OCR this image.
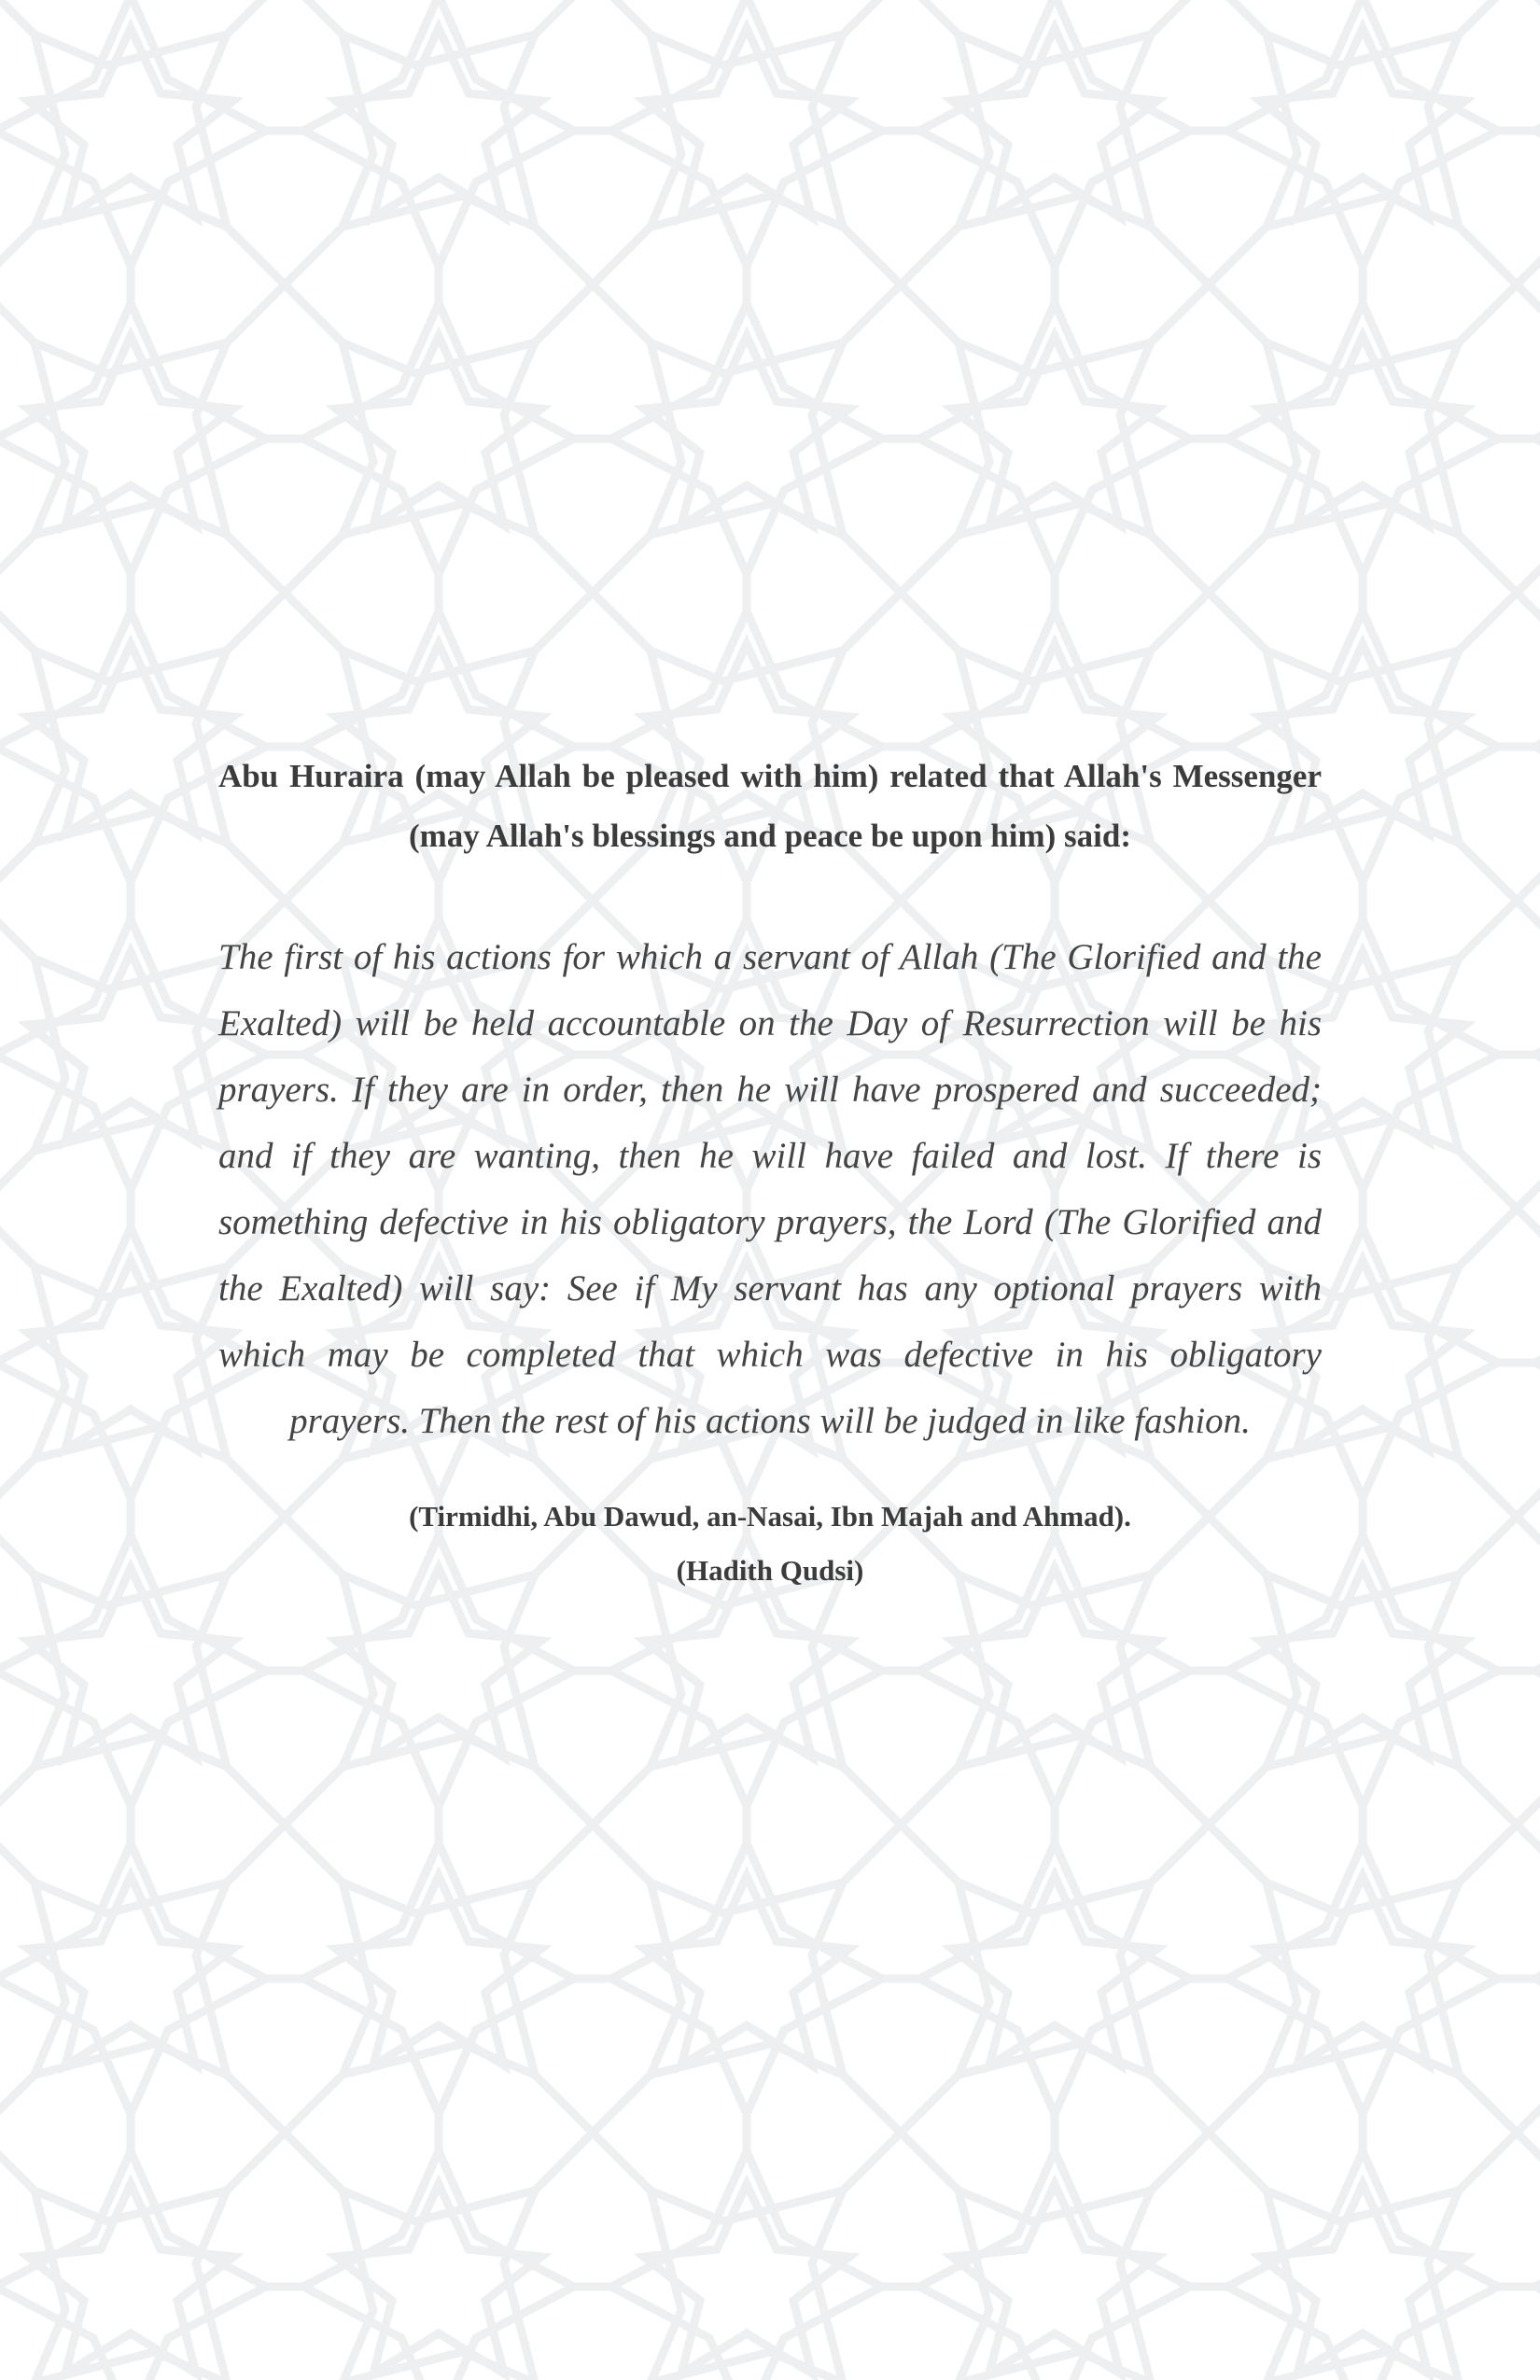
Abu Huraira (may Allah be pleased with him) related that Allah's Messenger (may Allah's blessings and peace be upon him) said:

The first of his actions for which a servant of Allah (The Glorified and the Exalted) will be held accountable on the Day of Resurrection will be his prayers. If they are in order, then he will have prospered and succeeded; and if they are wanting, then he will have failed and lost. If there is something defective in his obligatory prayers, the Lord (The Glorified and the Exalted) will say: See if My servant has any optional prayers with which may be completed that which was defective in his obligatory prayers. Then the rest of his actions will be judged in like fashion.

(Tirmidhi, Abu Dawud, an-Nasai, Ibn Majah and Ahmad).
(Hadith Qudsi)
